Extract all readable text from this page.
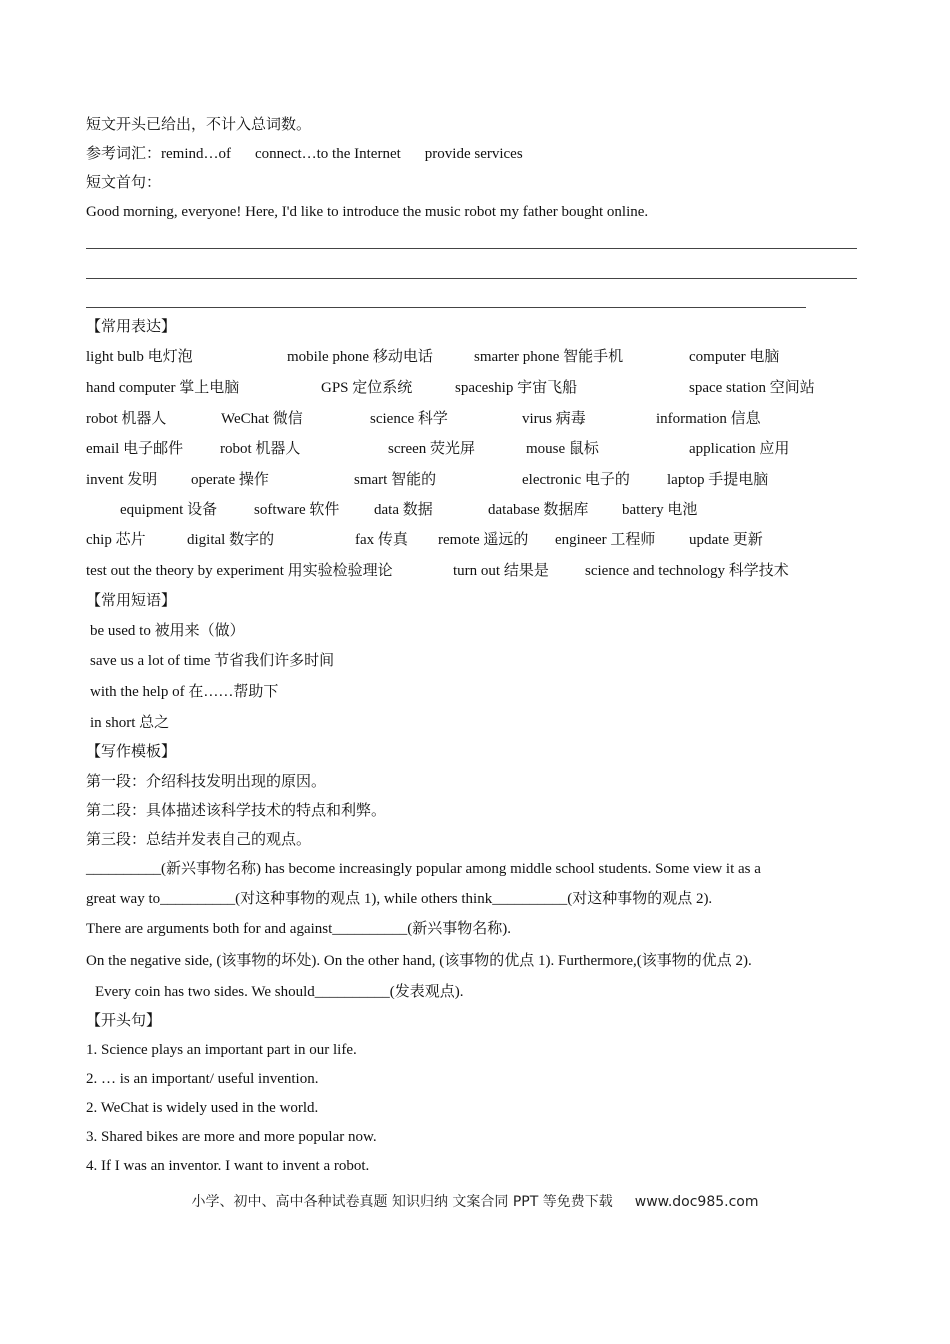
短文开头已给出，不计入总词数。
参考词汇：remind…of connect…to the Internet provide services
短文首句：
Good morning, everyone! Here, I'd like to introduce the music robot my father bought online.
【常用表达】
light bulb 电灯泡	mobile phone 移动电话	smarter phone 智能手机	computer 电脑
hand computer 掌上电脑	GPS 定位系统	spaceship 宇宙飞船	space station 空间站
robot 机器人	WeChat 微信	science 科学	virus 病毒	information 信息
email 电子邮件 robot 机器人	screen 荧光屏	mouse 鼠标	application 应用
invent 发明 operate 操作	smart 智能的	electronic 电子的 laptop 手提电脑
equipment 设备 software 软件 data 数据	database 数据库 battery 电池
chip 芯片	digital 数字的	fax 传真 remote 遥远的 engineer 工程师 update 更新
test out the theory by experiment 用实验检验理论	turn out 结果是 science and technology 科学技术
【常用短语】
be used to 被用来（做）
save us a lot of time 节省我们许多时间
with the help of 在……帮助下
in short 总之
【写作模板】
第一段：介绍科技发明出现的原因。
第二段：具体描述该科学技术的特点和利弊。
第三段：总结并发表自己的观点。
__________(新兴事物名称) has become increasingly popular among middle school students. Some view it as a
great way to__________(对这种事物的观点 1), while others think__________(对这种事物的观点 2).
There are arguments both for and against__________(新兴事物名称).
On the negative side, (该事物的坏处). On the other hand, (该事物的优点 1). Furthermore,(该事物的优点 2).
Every coin has two sides. We should__________(发表观点).
【开头句】
1. Science plays an important part in our life.
2. … is an important/ useful invention.
2. WeChat is widely used in the world.
3. Shared bikes are more and more popular now.
4. If I was an inventor. I want to invent a robot.
小学、初中、高中各种试卷真题 知识归纳 文案合同 PPT 等免费下载 www.doc985.com
